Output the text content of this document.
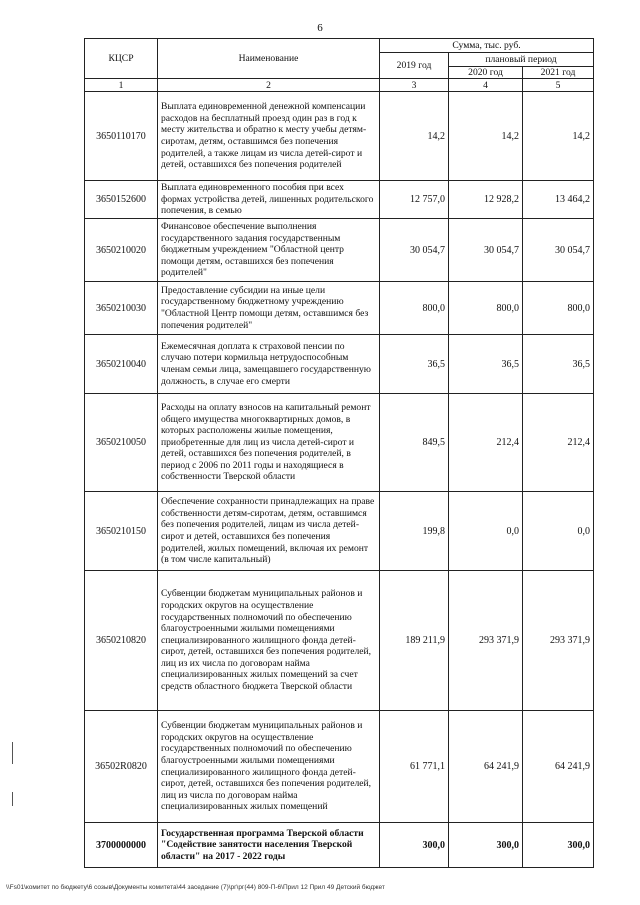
6
КЦСР	Наименование	Сумма, тыс. руб.		
		2019 год	плановый период	
			2020 год	2021 год
1	2	3	4	5
3650110170	Выплата единовременной денежной компенсации расходов на бесплатный проезд один раз в год к месту жительства и обратно к месту учебы детям-сиротам, детям, оставшимся без попечения родителей, а также лицам из числа детей-сирот и детей, оставшихся без попечения родителей	14,2	14,2	14,2
3650152600	Выплата единовременного пособия при всех формах устройства детей, лишенных родительского попечения, в семью	12 757,0	12 928,2	13 464,2
3650210020	Финансовое обеспечение выполнения государственного задания государственным бюджетным учреждением "Областной центр помощи детям, оставшихся без попечения родителей"	30 054,7	30 054,7	30 054,7
3650210030	Предоставление субсидии на иные цели государственному бюджетному учреждению "Областной Центр помощи детям, оставшимся без попечения родителей"	800,0	800,0	800,0
3650210040	Ежемесячная доплата к страховой пенсии по случаю потери кормильца нетрудоспособным членам семьи лица, замещавшего государственную должность, в случае его смерти	36,5	36,5	36,5
3650210050	Расходы на оплату взносов на капитальный ремонт общего имущества многоквартирных домов, в которых расположены жилые помещения, приобретенные для лиц из числа детей-сирот и детей, оставшихся без попечения родителей, в период с 2006 по 2011 годы и находящиеся в собственности Тверской области	849,5	212,4	212,4
3650210150	Обеспечение сохранности принадлежащих на праве собственности детям-сиротам, детям, оставшимся без попечения родителей, лицам из числа детей-сирот и детей, оставшихся без попечения родителей, жилых помещений, включая их ремонт (в том числе капитальный)	199,8	0,0	0,0
3650210820	Субвенции бюджетам муниципальных районов и городских округов на осуществление государственных полномочий по обеспечению благоустроенными жилыми помещениями специализированного жилищного фонда детей-сирот, детей, оставшихся без попечения родителей, лиц из их числа по договорам найма специализированных жилых помещений за счет средств областного бюджета Тверской области	189 211,9	293 371,9	293 371,9
36502R0820	Субвенции бюджетам муниципальных районов и городских округов на осуществление государственных полномочий по обеспечению благоустроенными жилыми помещениями специализированного жилищного фонда детей-сирот, детей, оставшихся без попечения родителей, лиц из числа по договорам найма специализированных жилых помещений	61 771,1	64 241,9	64 241,9
3700000000	Государственная программа Тверской области "Содействие занятости населения Тверской области" на 2017 - 2022 годы	300,0	300,0	300,0
\\Fs01\комитет по бюджету\6 созыв\Документы комитета\44 заседание (7)\рг\рг(44) 809-П-6\Прил 12 Прил 49 Детский бюджет
